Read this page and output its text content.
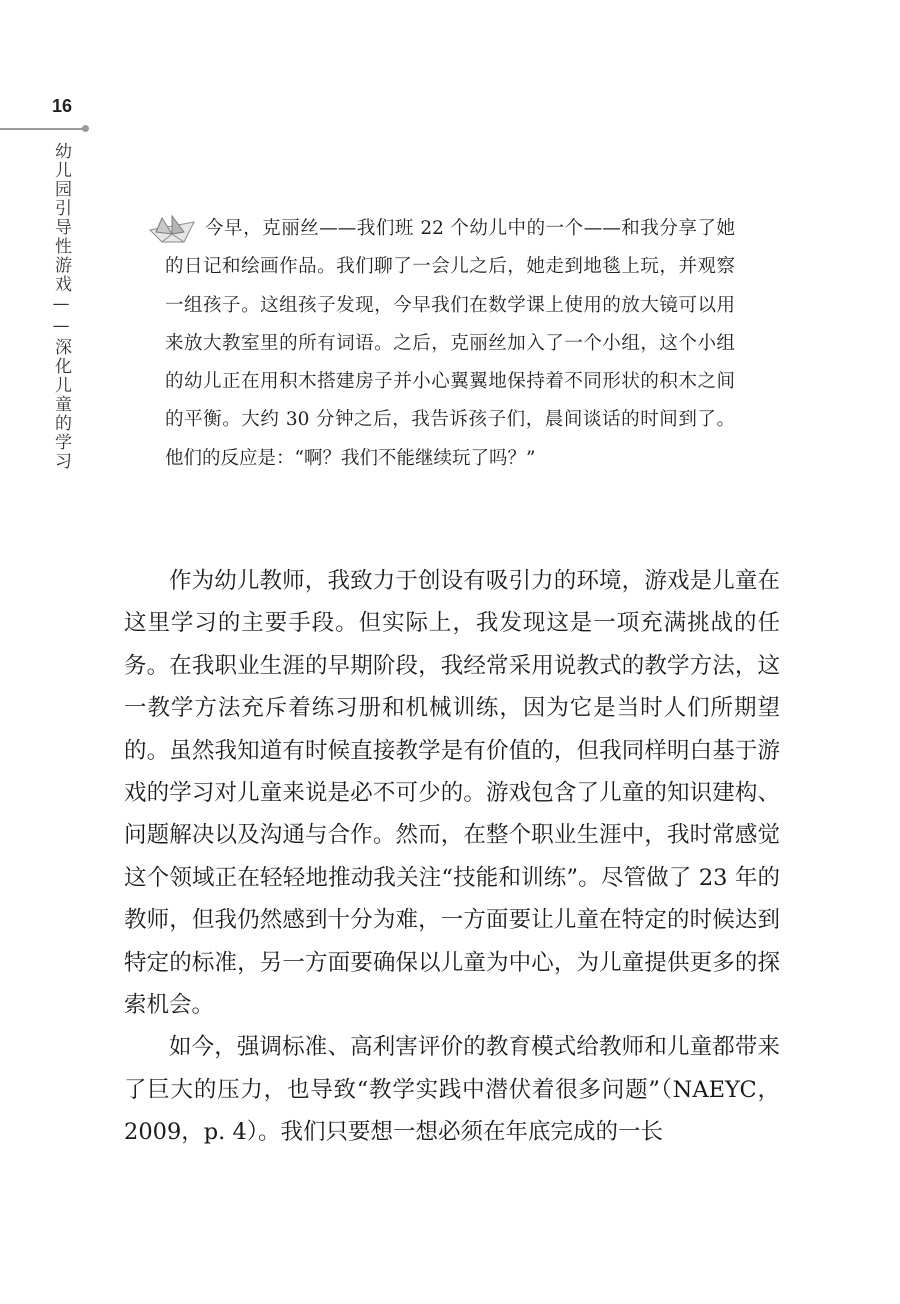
16
幼儿园引导性游戏——深化儿童的学习	今早，克丽丝——我们班 22 个幼儿中的一个——和我分享了她的日记和绘画作品。我们聊了一会儿之后，她走到地毯上玩，并观察一组孩子。这组孩子发现，今早我们在数学课上使用的放大镜可以用来放大教室里的所有词语。之后，克丽丝加入了一个小组，这个小组的幼儿正在用积木搭建房子并小心翼翼地保持着不同形状的积木之间的平衡。大约 30 分钟之后，我告诉孩子们，晨间谈话的时间到了。他们的反应是：“啊？我们不能继续玩了吗？”

作为幼儿教师，我致力于创设有吸引力的环境，游戏是儿童在这里学习的主要手段。但实际上，我发现这是一项充满挑战的任务。在我职业生涯的早期阶段，我经常采用说教式的教学方法，这一教学方法充斥着练习册和机械训练，因为它是当时人们所期望的。虽然我知道有时候直接教学是有价值的，但我同样明白基于游戏的学习对儿童来说是必不可少的。游戏包含了儿童的知识建构、问题解决以及沟通与合作。然而，在整个职业生涯中，我时常感觉这个领域正在轻轻地推动我关注“技能和训练”。尽管做了 23 年的教师，但我仍然感到十分为难，一方面要让儿童在特定的时候达到特定的标准，另一方面要确保以儿童为中心，为儿童提供更多的探索机会。

如今，强调标准、高利害评价的教育模式给教师和儿童都带来了巨大的压力，也导致“教学实践中潜伏着很多问题”（NAEYC，2009，p. 4）。我们只要想一想必须在年底完成的一长
